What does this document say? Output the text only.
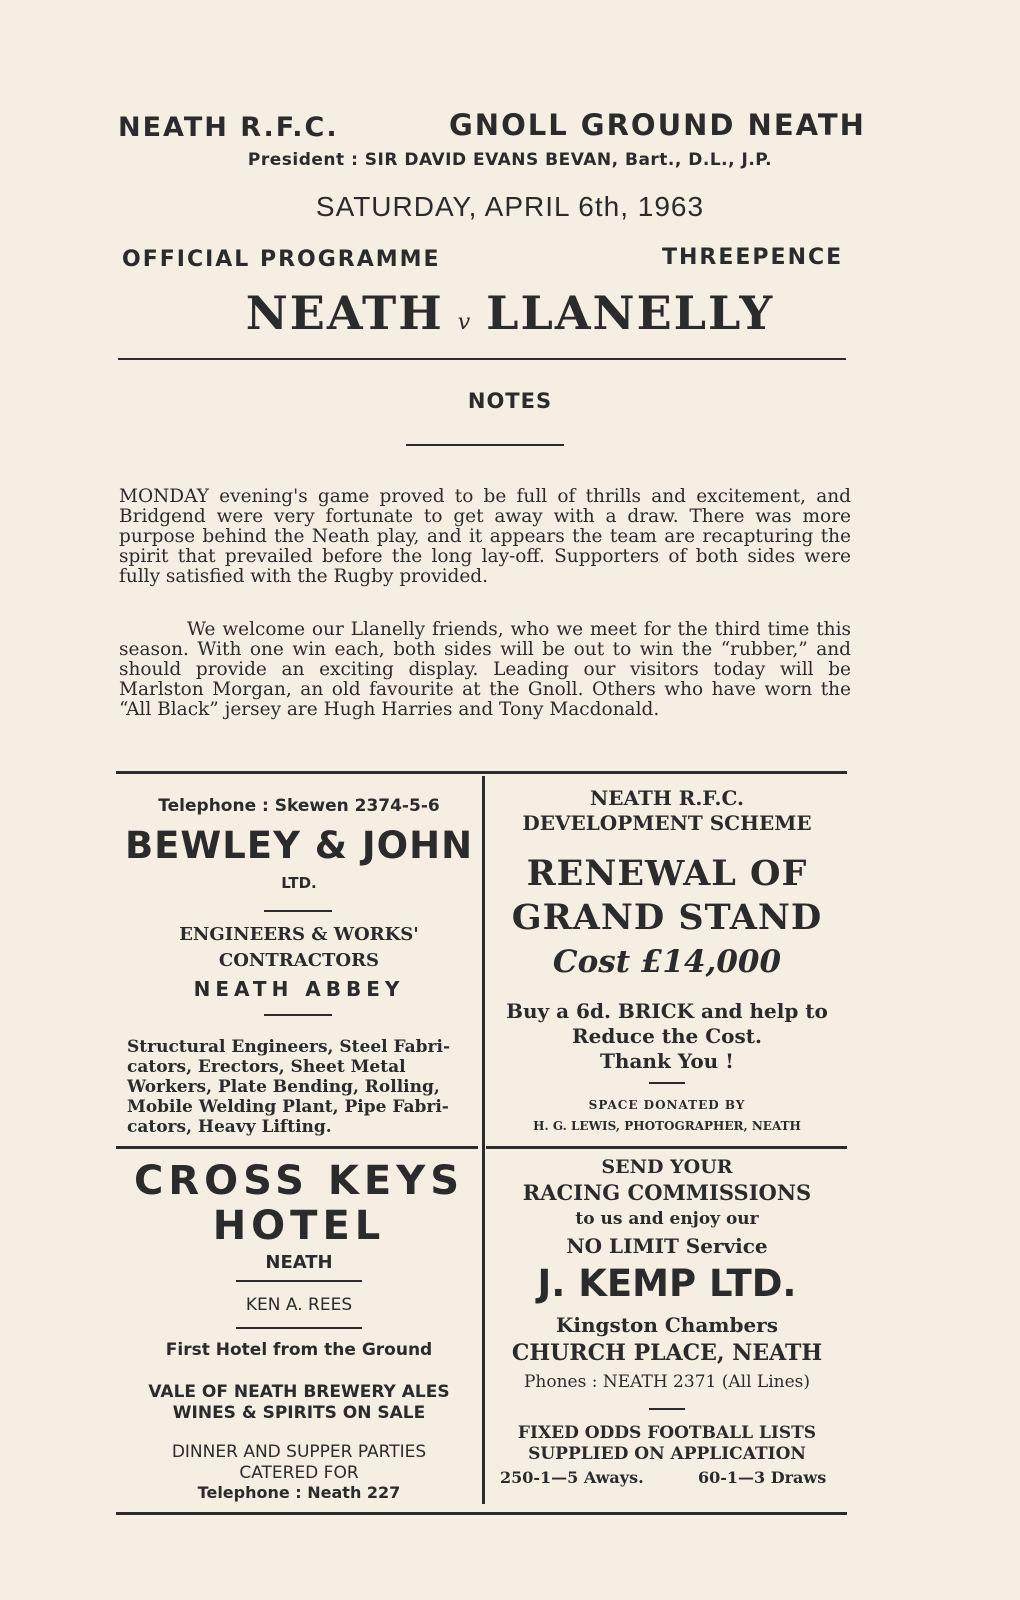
NEATH R.F.C.	GNOLL GROUND NEATH
President : SIR DAVID EVANS BEVAN, Bart., D.L., J.P.
SATURDAY, APRIL 6th, 1963
OFFICIAL PROGRAMME	THREEPENCE
NEATH v LLANELLY
NOTES
MONDAY evening's game proved to be full of thrills and excitement, and Bridgend were very fortunate to get away with a draw. There was more purpose behind the Neath play, and it appears the team are recapturing the spirit that prevailed before the long lay-off. Supporters of both sides were fully satisfied with the Rugby provided.
We welcome our Llanelly friends, who we meet for the third time this season. With one win each, both sides will be out to win the “rubber,” and should provide an exciting display. Leading our visitors today will be Marlston Morgan, an old favourite at the Gnoll. Others who have worn the “All Black” jersey are Hugh Harries and Tony Macdonald.
Telephone : Skewen 2374-5-6
BEWLEY & JOHN
LTD.
ENGINEERS & WORKS'
CONTRACTORS
NEATH ABBEY
Structural Engineers, Steel Fabri-
cators, Erectors, Sheet Metal
Workers, Plate Bending, Rolling,
Mobile Welding Plant, Pipe Fabri-
cators, Heavy Lifting.
NEATH R.F.C.
DEVELOPMENT SCHEME
RENEWAL OF
GRAND STAND
Cost £14,000
Buy a 6d. BRICK and help to
Reduce the Cost.
Thank You !
SPACE DONATED BY
H. G. LEWIS, PHOTOGRAPHER, NEATH
CROSS KEYS
HOTEL
NEATH
KEN A. REES
First Hotel from the Ground
VALE OF NEATH BREWERY ALES
WINES & SPIRITS ON SALE
DINNER AND SUPPER PARTIES
CATERED FOR
Telephone : Neath 227
SEND YOUR
RACING COMMISSIONS
to us and enjoy our
NO LIMIT Service
J. KEMP LTD.
Kingston Chambers
CHURCH PLACE, NEATH
Phones : NEATH 2371 (All Lines)
FIXED ODDS FOOTBALL LISTS
SUPPLIED ON APPLICATION
250-1—5 Aways.	60-1—3 Draws
